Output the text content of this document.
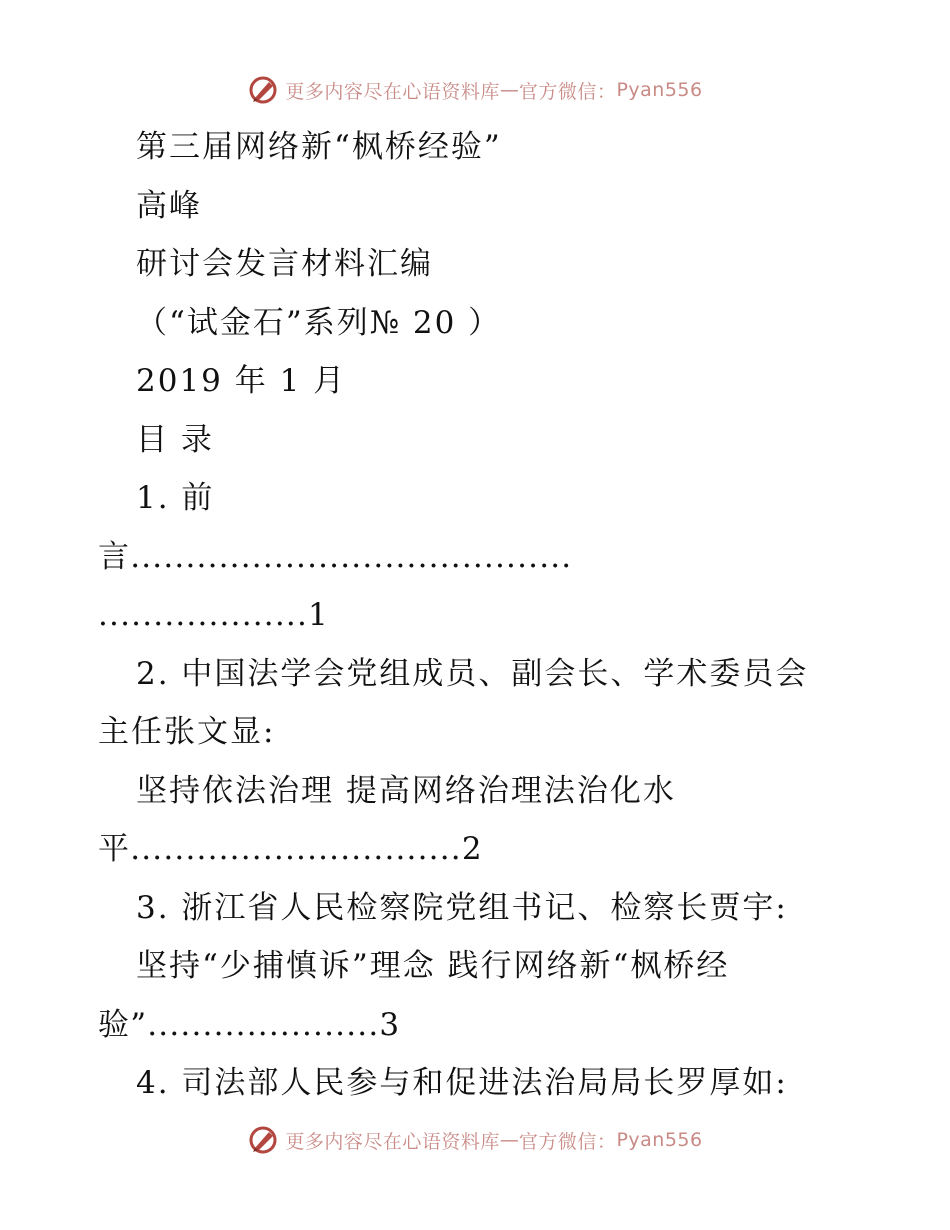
更多内容尽在心语资料库 — 官方微信： Pyan556
第三届网络新“枫桥经验”
高峰
研讨会发言材料汇编
（“试金石”系列№ 20 ）
2019 年 1 月
目 录
1. 前
言........................................
...................1
2. 中国法学会党组成员、副会长、学术委员会
主任张文显:
坚持依法治理 提高网络治理法治化水
平..............................2
3. 浙江省人民检察院党组书记、检察长贾宇:
坚持“少捕慎诉”理念 践行网络新“枫桥经
验”.....................3
4. 司法部人民参与和促进法治局局长罗厚如:
更多内容尽在心语资料库 — 官方微信： Pyan556
